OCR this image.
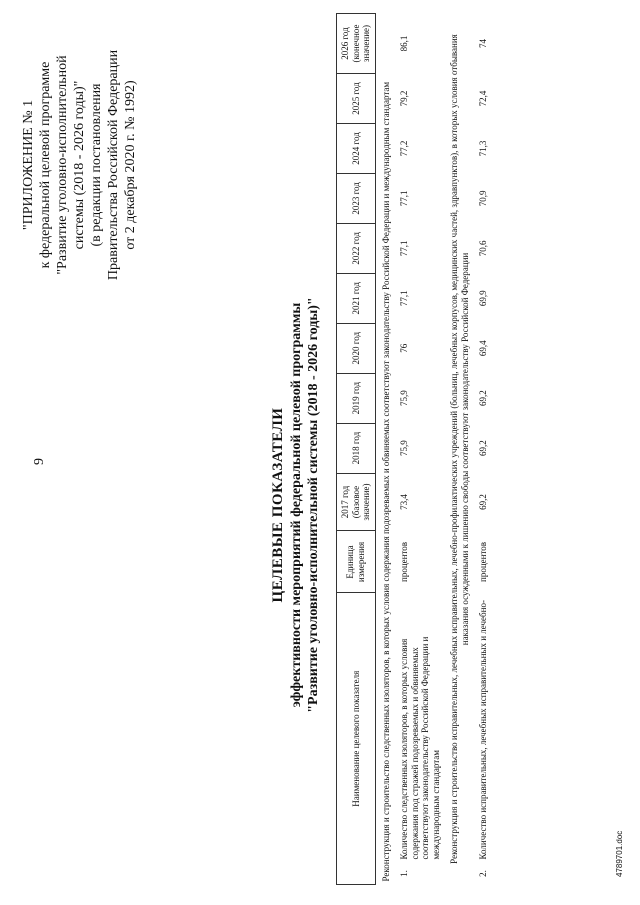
9
"ПРИЛОЖЕНИЕ № 1 к федеральной целевой программе "Развитие уголовно-исполнительной системы (2018 - 2026 годы)" (в редакции постановления Правительства Российской Федерации от 2 декабря 2020 г. № 1992)
ЦЕЛЕВЫЕ ПОКАЗАТЕЛИ эффективности мероприятий федеральной целевой программы "Развитие уголовно-исполнительной системы (2018 - 2026 годы)"
Наименование целевого показателя		Единица измерения	2017 год (базовое значение)	2018 год	2019 год	2020 год	2021 год	2022 год	2023 год	2024 год	2025 год	2026 год (конечное значение)
Реконструкция и строительство следственных изоляторов, в которых условия содержания подозреваемых и обвиняемых соответствуют законодательству Российской Федерации и международным стандартам												
1.	Количество следственных изоляторов, в которых условия содержания под стражей подозреваемых и обвиняемых соответствуют законодательству Российской Федерации и международным стандартам	процентов	73,4	75,9	75,9	76	77,1	77,1	77,1	77,2	79,2	86,1
Реконструкция и строительство исправительных, лечебных исправительных, лечебно-профилактических учреждений (больниц, лечебных корпусов, медицинских частей, здравпунктов), в которых условия отбывания наказания осужденными к лишению свободы соответствуют законодательству Российской Федерации												
2.	Количество исправительных, лечебных исправительных и лечебно-	процентов	69,2	69,2	69,2	69,4	69,9	70,6	70,9	71,3	72,4	74
4789701.doc
